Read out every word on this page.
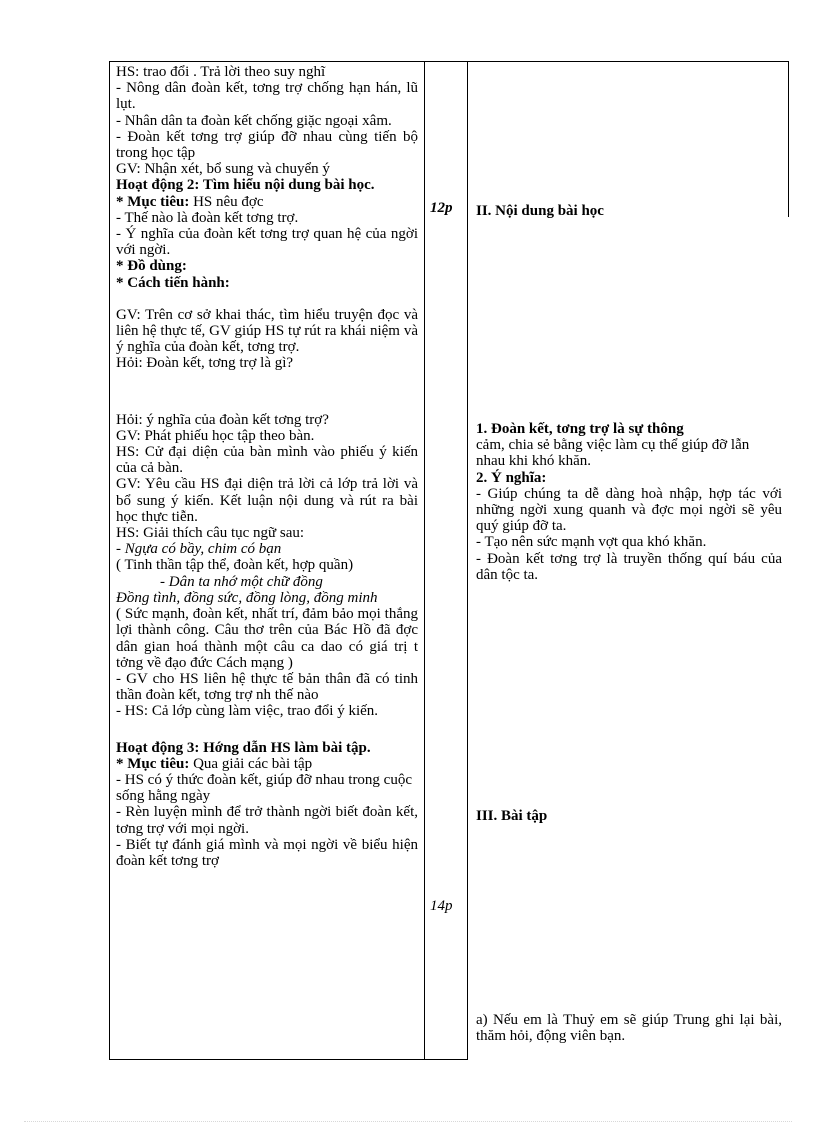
HS: trao đổi . Trả lời theo suy nghĩ

- Nông dân đoàn kết, tơng trợ chống hạn hán, lũ lụt.

- Nhân dân ta đoàn kết chống giặc ngoại xâm.

- Đoàn kết tơng trợ giúp đỡ nhau cùng tiến bộ trong học tập

GV: Nhận xét, bổ sung và chuyển ý

Hoạt động 2: Tìm hiểu nội dung bài học.

* Mục tiêu: HS nêu đợc

- Thế nào là đoàn kết tơng trợ.

- Ý nghĩa của đoàn kết tơng trợ quan hệ của ngời với ngời.

* Đồ dùng:

* Cách tiến hành:

GV: Trên cơ sở khai thác, tìm hiểu truyện đọc và liên hệ thực tế, GV giúp HS tự rút ra khái niệm và ý nghĩa của đoàn kết, tơng trợ.

Hỏi: Đoàn kết, tơng trợ là gì?

Hỏi: ý nghĩa của đoàn kết tơng trợ?

GV: Phát phiếu học tập theo bàn.

HS: Cử đại diện của bàn mình vào phiếu ý kiến của cả bàn.

GV: Yêu cầu HS đại diện trả lời cả lớp trả lời và bổ sung ý kiến. Kết luận nội dung và rút ra bài học thực tiễn.

HS: Giải thích câu tục ngữ sau:

- Ngựa có bầy, chim có bạn

( Tinh thần tập thể, đoàn kết, hợp quần)

- Dân ta nhớ một chữ đồng

Đồng tình, đồng sức, đồng lòng, đồng minh

( Sức mạnh, đoàn kết, nhất trí, đảm bảo mọi thắng lợi thành công. Câu thơ trên của Bác Hồ đã đợc dân gian hoá thành một câu ca dao có giá trị t tởng về đạo đức Cách mạng )

- GV cho HS liên hệ thực tế bản thân đã có tinh thần đoàn kết, tơng trợ nh thế nào

- HS: Cả lớp cùng làm việc, trao đổi ý kiến.

Hoạt động 3: Hớng dẫn HS làm bài tập.

* Mục tiêu: Qua giải các bài tập

- HS có ý thức đoàn kết, giúp đỡ nhau trong cuộc sống hằng ngày

- Rèn luyện mình để trở thành ngời biết đoàn kết, tơng trợ với mọi ngời.

- Biết tự đánh giá mình và mọi ngời về biểu hiện đoàn kết tơng trợ

12p
14p

II. Nội dung bài học

1. Đoàn kết, tơng trợ là sự thông

cảm, chia sẻ bằng việc làm cụ thể giúp đỡ lẫn nhau khi khó khăn.

2. Ý nghĩa:

- Giúp chúng ta dễ dàng hoà nhập, hợp tác với những ngời xung quanh và đợc mọi ngời sẽ yêu quý giúp đỡ ta.

- Tạo nên sức mạnh vợt qua khó khăn.

- Đoàn kết tơng trợ là truyền thống quí báu của dân tộc ta.

III. Bài tập

a) Nếu em là Thuỷ em sẽ giúp Trung ghi lại bài, thăm hỏi, động viên bạn.
